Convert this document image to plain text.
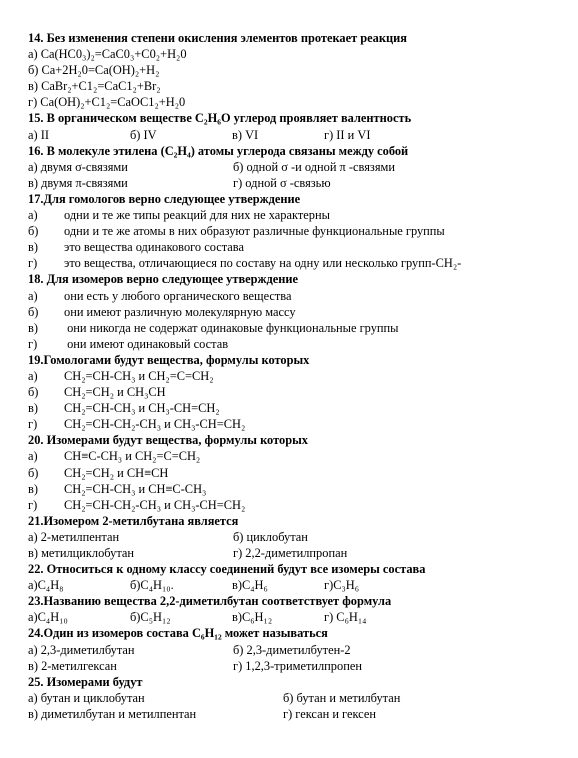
14. Без изменения степени окисления элементов протекает реакция
а) Ca(HC0₃)₂=CaC0₃+C0₂+H₂0
б) Ca+2H₂0=Ca(OH)₂+H₂
в) CaBr₂+C1₂=CaC1₂+Br₂
г) Ca(OH)₂+C1₂=CaOC1₂+H₂0
15. В органическом веществе C₂H₆O углерод проявляет валентность
а) II	б) IV	в) VI	г) II и VI
16. В молекуле этилена (C₂H₄) атомы углерода связаны между собой
а) двумя σ-связями	б) одной σ -и одной π -связями
в) двумя π-связями	г) одной σ -связью
17.Для гомологов верно следующее утверждение
а) одни и те же типы реакций для них не характерны
б) одни и те же атомы в них образуют различные функциональные группы
в) это вещества одинакового состава
г) это вещества, отличающиеся по составу на одну или несколько групп-CH₂-
18. Для изомеров верно следующее утверждение
а) они есть у любого органического вещества
б) они имеют различную молекулярную массу
в) они никогда не содержат одинаковые функциональные группы
г) они имеют одинаковый состав
19.Гомологами будут вещества, формулы которых
а) CH₂=CH-CH₃ и CH₂=C=CH₂
б) CH₂=CH₂ и CH₃CH
в) CH₂=CH-CH₃ и CH₃-CH=CH₂
г) CH₂=CH-CH₂-CH₃ и CH₃-CH=CH₂
20. Изомерами будут вещества, формулы которых
а) CH≡C-CH₃ и CH₂=C=CH₂
б) CH₂=CH₂ и CH≡CH
в) CH₂=CH-CH₃ и CH≡C-CH₃
г) CH₂=CH-CH₂-CH₃ и CH₃-CH=CH₂
21.Изомером 2-метилбутана является
а) 2-метилпентан	б) циклобутан
в) метилциклобутан	г) 2,2-диметилпропан
22. Относиться к одному классу соединений будут все изомеры состава
а)C₄H₈	б)C₄H₁₀.	в)C₄H₆	г)C₃H₆
23.Названию вещества 2,2-диметилбутан соответствует формула
а)C₄H₁₀	б)C₅H₁₂	в)C₆H₁₂	г) C₆H₁₄
24.Один из изомеров состава C₆H₁₂ может называться
а) 2,3-диметилбутан	б) 2,3-диметилбутен-2
в) 2-метилгексан	г) 1,2,3-триметилпропен
25. Изомерами будут
а) бутан и циклобутан	б) бутан и метилбутан
в) диметилбутан и метилпентан	г) гексан и гексен
